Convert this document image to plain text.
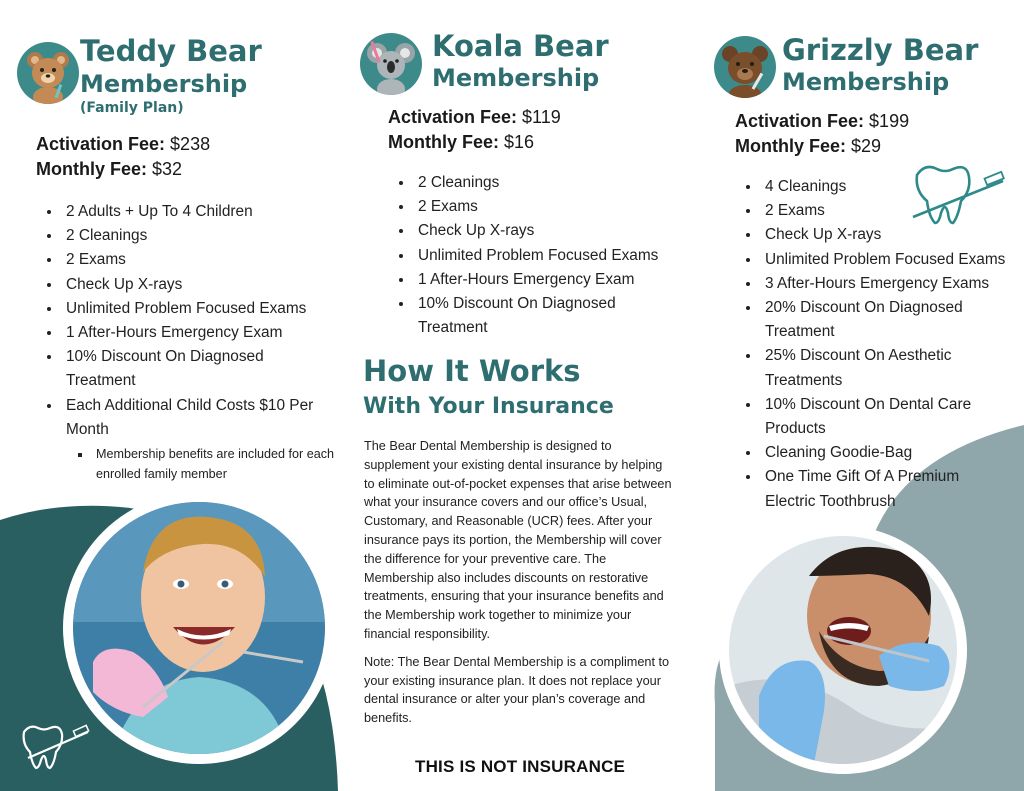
Teddy Bear
Membership
(Family Plan)
Activation Fee: $238
Monthly Fee: $32
• 2 Adults + Up To 4 Children
• 2 Cleanings
• 2 Exams
• Check Up X-rays
• Unlimited Problem Focused Exams
• 1 After-Hours Emergency Exam
• 10% Discount On Diagnosed Treatment
• Each Additional Child Costs $10 Per Month
▪ Membership benefits are included for each enrolled family member
Koala Bear
Membership
Activation Fee: $119
Monthly Fee: $16
• 2 Cleanings
• 2 Exams
• Check Up X-rays
• Unlimited Problem Focused Exams
• 1 After-Hours Emergency Exam
• 10% Discount On Diagnosed Treatment
How It Works
With Your Insurance

The Bear Dental Membership is designed to supplement your existing dental insurance by helping to eliminate out-of-pocket expenses that arise between what your insurance covers and our office’s Usual, Customary, and Reasonable (UCR) fees. After your insurance pays its portion, the Membership will cover the difference for your preventive care. The Membership also includes discounts on restorative treatments, ensuring that your insurance benefits and the Membership work together to minimize your financial responsibility.

Note: The Bear Dental Membership is a compliment to your existing insurance plan. It does not replace your dental insurance or alter your plan’s coverage and benefits.

THIS IS NOT INSURANCE
Grizzly Bear
Membership
Activation Fee: $199
Monthly Fee: $29
• 4 Cleanings
• 2 Exams
• Check Up X-rays
• Unlimited Problem Focused Exams
• 3 After-Hours Emergency Exams
• 20% Discount On Diagnosed Treatment
• 25% Discount On Aesthetic Treatments
• 10% Discount On Dental Care Products
• Cleaning Goodie-Bag
• One Time Gift Of A Premium Electric Toothbrush
